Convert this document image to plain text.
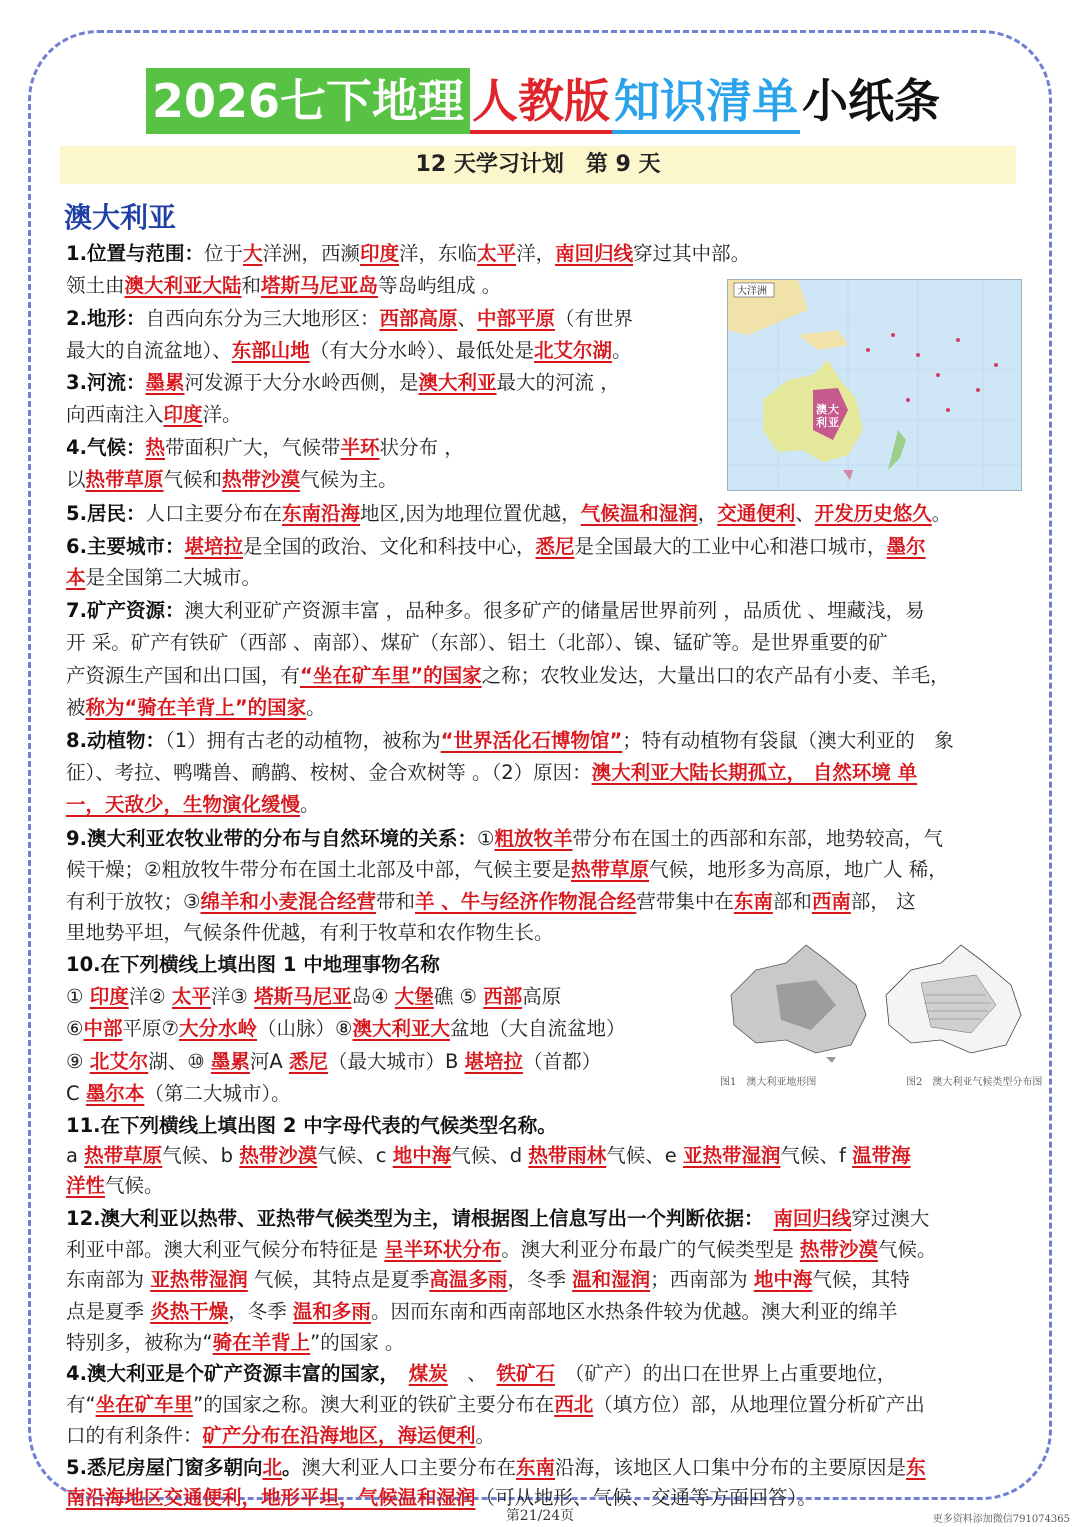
2026七下地理 人教版 知识清单 小纸条
12 天学习计划　第 9 天
澳大利亚
1.位置与范围：位于大洋洲，西濒印度洋，东临太平洋，南回归线穿过其中部。
领土由澳大利亚大陆和塔斯马尼亚岛等岛屿组成 。
2.地形：自西向东分为三大地形区：西部高原、中部平原（有世界
最大的自流盆地）、东部山地（有大分水岭）、最低处是北艾尔湖。
3.河流：墨累河发源于大分水岭西侧，是澳大利亚最大的河流 ，
向西南注入印度洋。
4.气候：热带面积广大，气候带半环状分布 ，
以热带草原气候和热带沙漠气候为主。
5.居民：人口主要分布在东南沿海地区,因为地理位置优越，气候温和湿润，交通便利、开发历史悠久。
6.主要城市：堪培拉是全国的政治、文化和科技中心，悉尼是全国最大的工业中心和港口城市，墨尔
本是全国第二大城市。
7.矿产资源：澳大利亚矿产资源丰富 ，品种多。很多矿产的储量居世界前列 ，品质优 、埋藏浅，易
开 采。矿产有铁矿（西部 、南部）、煤矿（东部）、铝土（北部）、镍、锰矿等。是世界重要的矿
产资源生产国和出口国，有“坐在矿车里”的国家之称；农牧业发达，大量出口的农产品有小麦、羊毛，
被称为“骑在羊背上”的国家。
8.动植物：（1）拥有古老的动植物，被称为“世界活化石博物馆”；特有动植物有袋鼠（澳大利亚的　象
征）、考拉、鸭嘴兽、鸸鹋、桉树、金合欢树等 。（2）原因：澳大利亚大陆长期孤立， 自然环境 单
一，天敌少，生物演化缓慢。
9.澳大利亚农牧业带的分布与自然环境的关系：①粗放牧羊带分布在国土的西部和东部，地势较高，气
候干燥；②粗放牧牛带分布在国土北部及中部，气候主要是热带草原气候，地形多为高原，地广人 稀，
有利于放牧；③绵羊和小麦混合经营带和羊 、牛与经济作物混合经营带集中在东南部和西南部， 这
里地势平坦，气候条件优越，有利于牧草和农作物生长。
10.在下列横线上填出图 1 中地理事物名称
① 印度洋② 太平洋③ 塔斯马尼亚岛④ 大堡礁 ⑤ 西部高原
⑥中部平原⑦大分水岭（山脉）⑧澳大利亚大盆地（大自流盆地）
⑨ 北艾尔湖、⑩ 墨累河A 悉尼（最大城市）B 堪培拉（首都）
C 墨尔本（第二大城市）。
11.在下列横线上填出图 2 中字母代表的气候类型名称。
a 热带草原气候、b 热带沙漠气候、c 地中海气候、d 热带雨林气候、e 亚热带湿润气候、f 温带海
洋性气候。
12.澳大利亚以热带、亚热带气候类型为主，请根据图上信息写出一个判断依据：　 南回归线穿过澳大
利亚中部。澳大利亚气候分布特征是 呈半环状分布。澳大利亚分布最广的气候类型是 热带沙漠气候。
东南部为 亚热带湿润 气候，其特点是夏季高温多雨，冬季 温和湿润；西南部为 地中海气候，其特
点是夏季 炎热干燥，冬季 温和多雨。因而东南和西南部地区水热条件较为优越。澳大利亚的绵羊
特别多，被称为“骑在羊背上”的国家 。
4.澳大利亚是个矿产资源丰富的国家，　 煤炭　、　铁矿石　（矿产）的出口在世界上占重要地位，
有“坐在矿车里”的国家之称。澳大利亚的铁矿主要分布在西北（填方位）部，从地理位置分析矿产出
口的有利条件：矿产分布在沿海地区，海运便利。
5.悉尼房屋门窗多朝向北。澳大利亚人口主要分布在东南沿海，该地区人口集中分布的主要原因是东
南沿海地区交通便利，地形平坦，气候温和湿润（可从地形、气候、交通等方面回答）。
大洋洲
澳 大
利 亚
图1　澳大利亚地形图	图2　澳大利亚气候类型分布图
第21/24页	更多资料添加微信791074365
